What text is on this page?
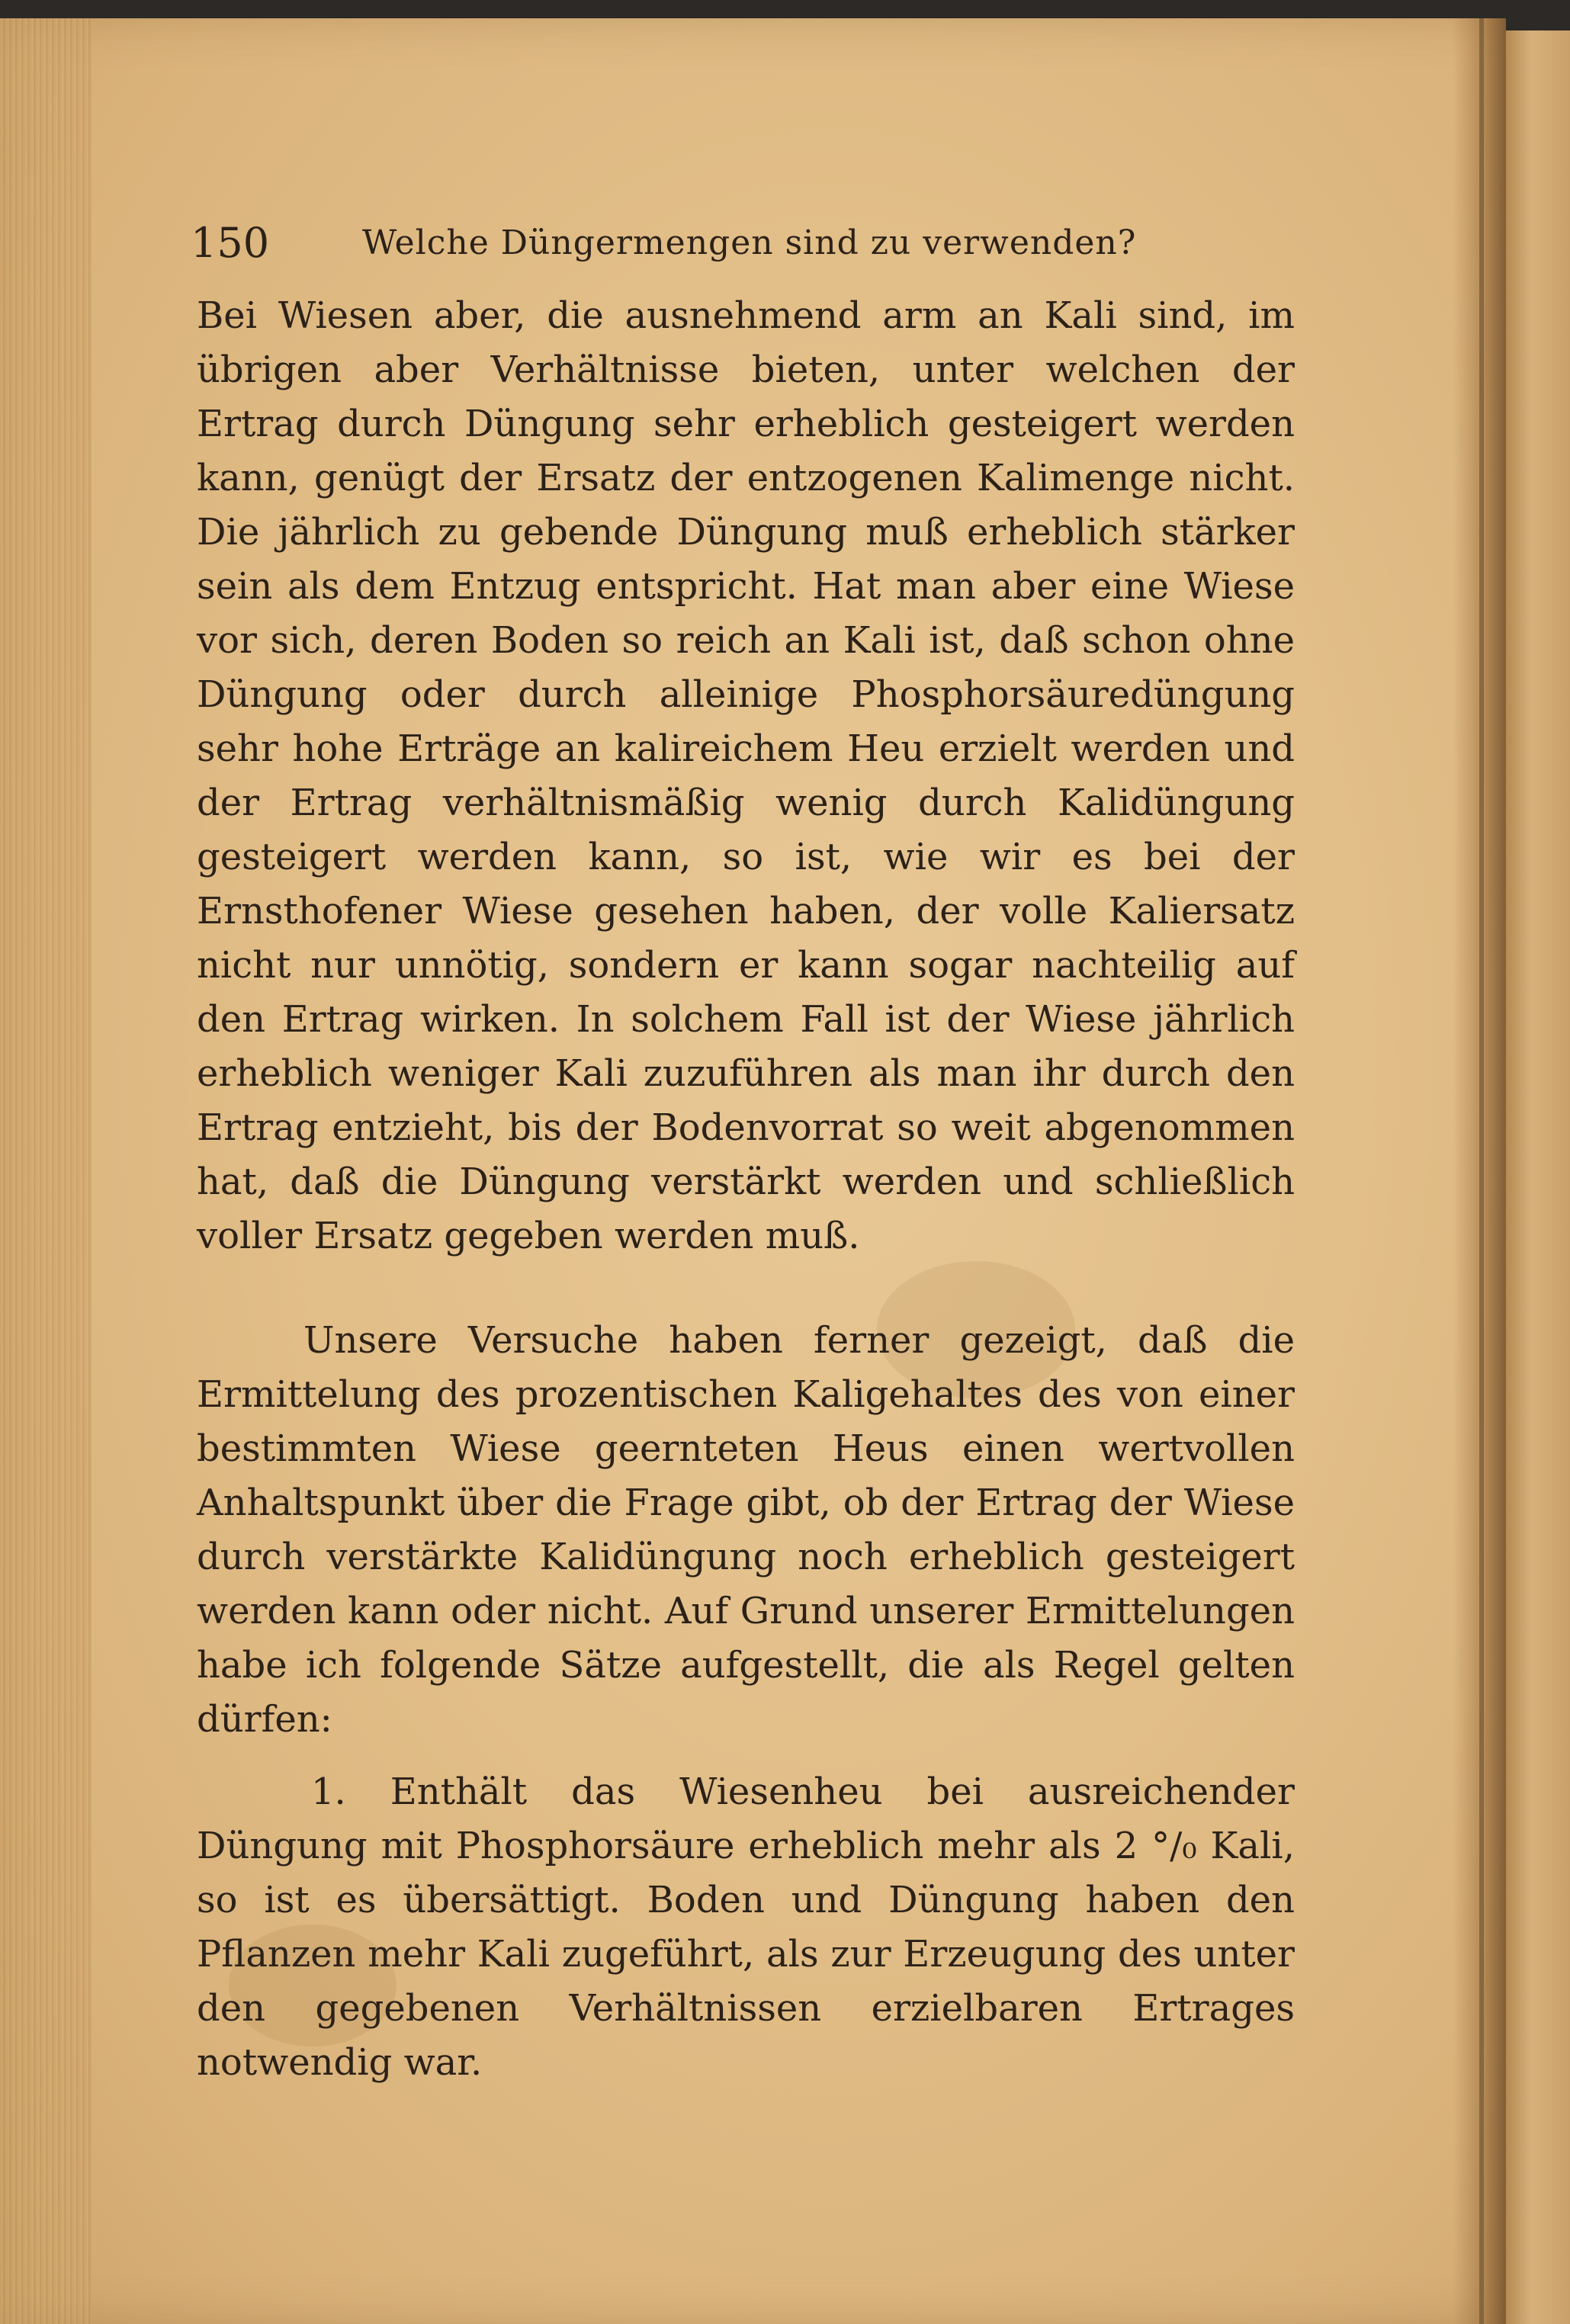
150	Welche Düngermengen sind zu verwenden?

Bei Wiesen aber, die ausnehmend arm an Kali sind, im übrigen aber Verhältnisse bieten, unter welchen der Ertrag durch Düngung sehr erheblich gesteigert werden kann, genügt der Ersatz der entzogenen Kalimenge nicht. Die jährlich zu gebende Düngung muß erheblich stärker sein als dem Entzug entspricht. Hat man aber eine Wiese vor sich, deren Boden so reich an Kali ist, daß schon ohne Düngung oder durch alleinige Phosphorsäuredüngung sehr hohe Erträge an kalireichem Heu erzielt werden und der Ertrag verhältnismäßig wenig durch Kalidüngung gesteigert werden kann, so ist, wie wir es bei der Ernsthofener Wiese gesehen haben, der volle Kaliersatz nicht nur unnötig, sondern er kann sogar nachteilig auf den Ertrag wirken. In solchem Fall ist der Wiese jährlich erheblich weniger Kali zuzuführen als man ihr durch den Ertrag entzieht, bis der Bodenvorrat so weit abgenommen hat, daß die Düngung verstärkt werden und schließlich voller Ersatz gegeben werden muß.

Unsere Versuche haben ferner gezeigt, daß die Ermittelung des prozentischen Kaligehaltes des von einer bestimmten Wiese geernteten Heus einen wertvollen Anhaltspunkt über die Frage gibt, ob der Ertrag der Wiese durch verstärkte Kalidüngung noch erheblich gesteigert werden kann oder nicht. Auf Grund unserer Ermittelungen habe ich folgende Sätze aufgestellt, die als Regel gelten dürfen:

1. Enthält das Wiesenheu bei ausreichender Düngung mit Phosphorsäure erheblich mehr als 2 °/₀ Kali, so ist es übersättigt. Boden und Düngung haben den Pflanzen mehr Kali zugeführt, als zur Erzeugung des unter den gegebenen Verhältnissen erzielbaren Ertrages notwendig war.
